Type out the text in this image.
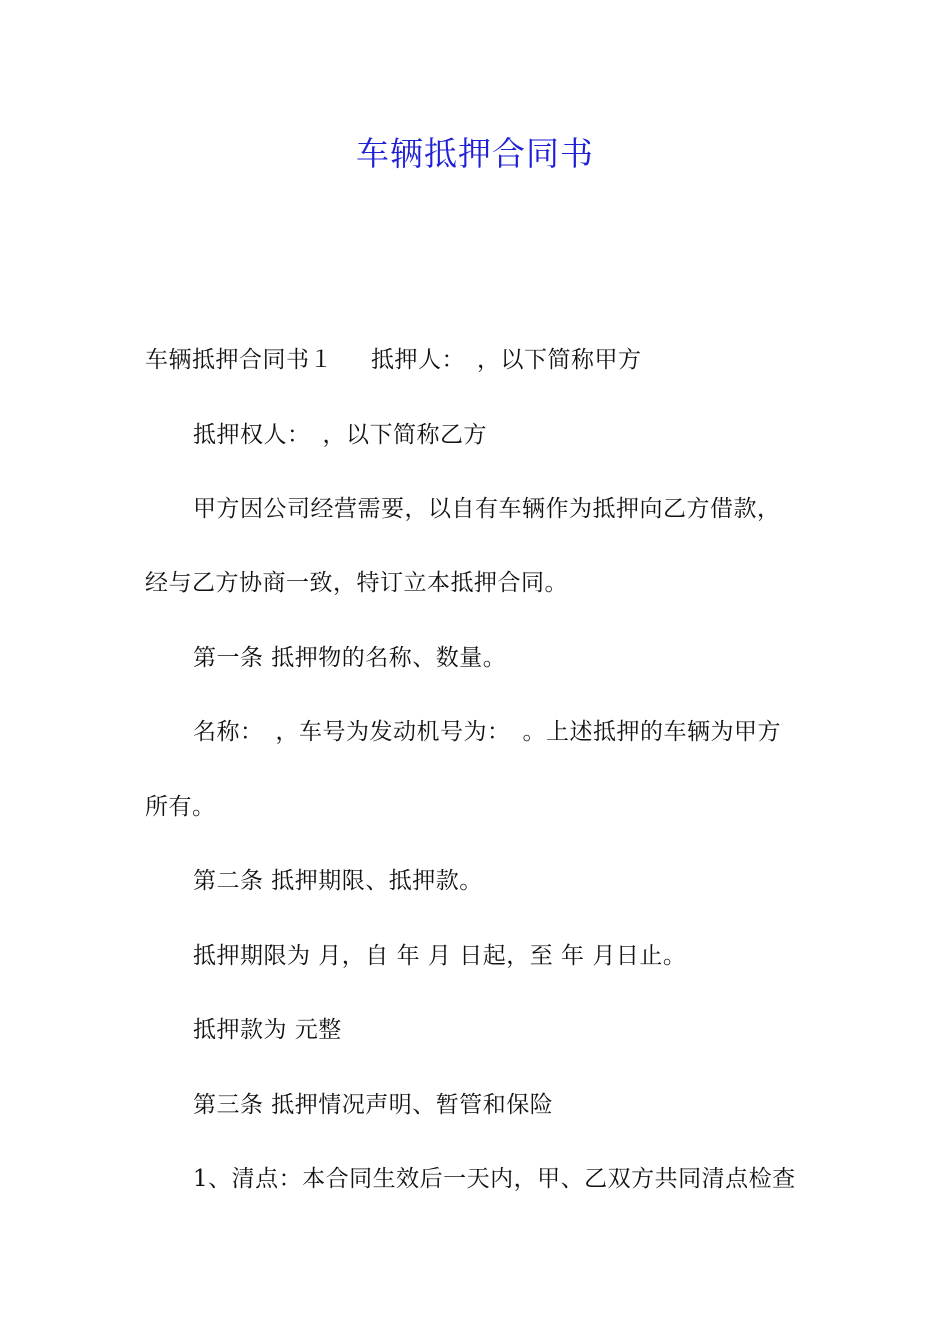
车辆抵押合同书
车辆抵押合同书１ 抵押人：　，以下简称甲方
抵押权人：　，以下简称乙方
甲方因公司经营需要，以自有车辆作为抵押向乙方借款，
经与乙方协商一致，特订立本抵押合同。
第一条 抵押物的名称、数量。
名称：　，车号为发动机号为：　。上述抵押的车辆为甲方
所有。
第二条 抵押期限、抵押款。
抵押期限为 月，自 年 月 日起，至 年 月日止。
抵押款为 元整
第三条 抵押情况声明、暂管和保险
1、清点：本合同生效后一天内，甲、乙双方共同清点检查
